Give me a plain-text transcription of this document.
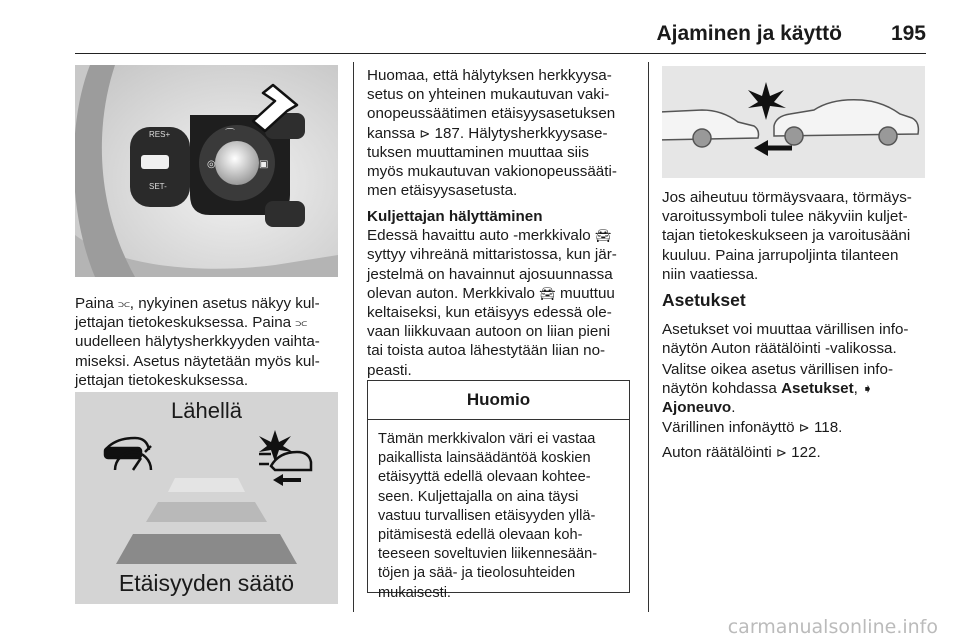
Ajaminen ja käyttö 195
RES+
SET-
⌒
◎	▣

Paina ⫗, nykyinen asetus näkyy kul-
jettajan tietokeskuksessa. Paina ⫗
uudelleen hälytysherkkyyden vaihta-
miseksi. Asetus näytetään myös kul-
jettajan tietokeskuksessa.

Lähellä
Etäisyyden säätö

Huomaa, että hälytyksen herkkyysa-
setus on yhteinen mukautuvan vaki-
onopeussäätimen etäisyysasetuksen
kanssa ⊳ 187. Hälytysherkkyysase-
tuksen muuttaminen muuttaa siis
myös mukautuvan vakionopeussääti-
men etäisyysasetusta.

Kuljettajan hälyttäminen

Edessä havaittu auto -merkkivalo 🚘︎
syttyy vihreänä mittaristossa, kun jär-
jestelmä on havainnut ajosuunnassa
olevan auton. Merkkivalo 🚘︎ muuttuu
keltaiseksi, kun etäisyys edessä ole-
vaan liikkuvaan autoon on liian pieni
tai toista autoa lähestytään liian no-
peasti.

Huomio

Tämän merkkivalon väri ei vastaa
paikallista lainsäädäntöä koskien
etäisyyttä edellä olevaan kohtee-
seen. Kuljettajalla on aina täysi
vastuu turvallisen etäisyyden yllä-
pitämisestä edellä olevaan koh-
teeseen soveltuvien liikennesään-
töjen ja sää- ja tieolosuhteiden
mukaisesti.

Jos aiheutuu törmäysvaara, törmäys-
varoitussymboli tulee näkyviin kuljet-
tajan tietokeskukseen ja varoitusääni
kuuluu. Paina jarrupoljinta tilanteen
niin vaatiessa.

Asetukset

Asetukset voi muuttaa värillisen info-
näytön Auton räätälöinti -valikossa.

Valitse oikea asetus värillisen info-
näytön kohdassa Asetukset, ➧
Ajoneuvo.

Värillinen infonäyttö ⊳ 118.

Auton räätälöinti ⊳ 122.

carmanualsonline.info
